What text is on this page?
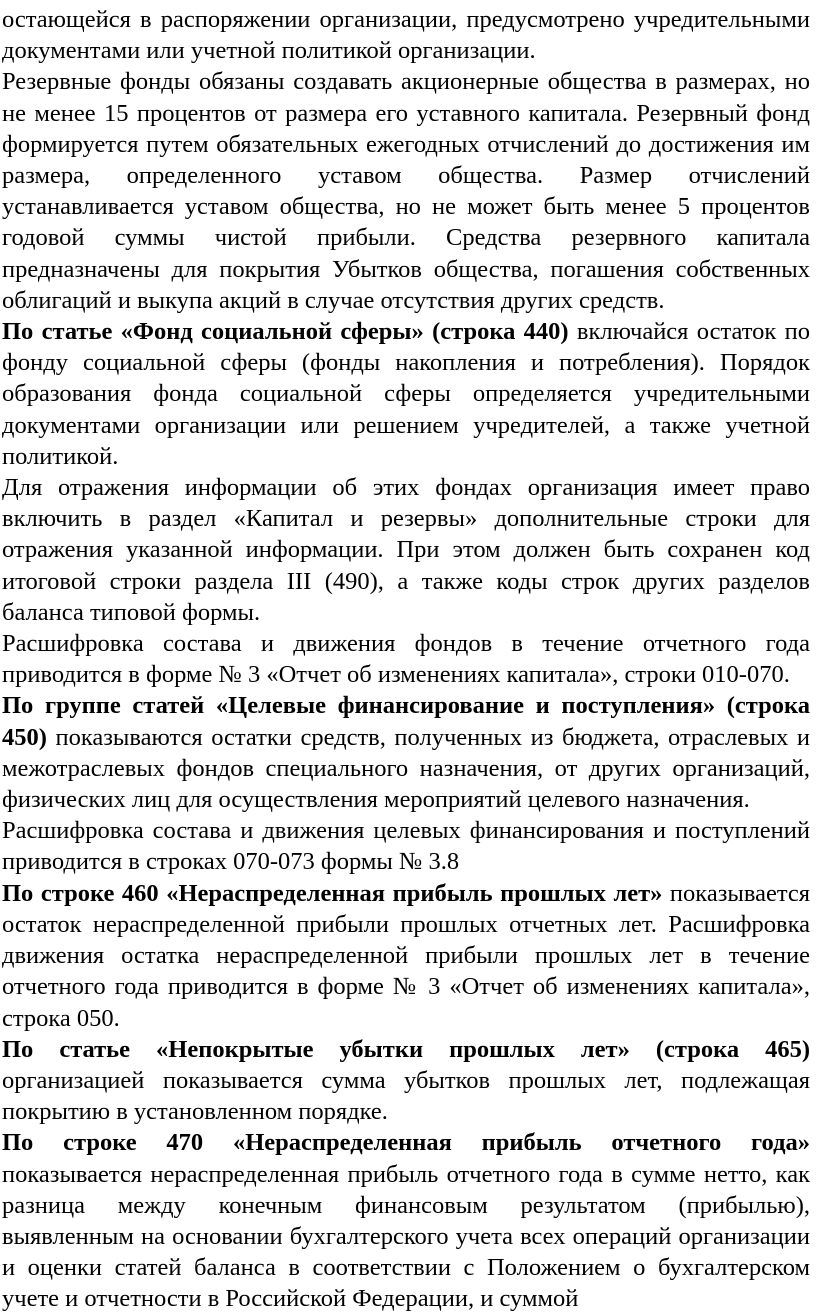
остающейся в распоряжении организации, предусмотрено учредительными документами или учетной политикой организации.

Резервные фонды обязаны создавать акционерные общества в размерах, но не менее 15 процентов от размера его уставного капитала. Резервный фонд формируется путем обязательных ежегодных отчислений до достижения им размера, определенного уставом общества. Размер отчислений устанавливается уставом общества, но не может быть менее 5 процентов годовой суммы чистой прибыли. Средства резервного капитала предназначены для покрытия Убытков общества, погашения собственных облигаций и выкупа акций в случае отсутствия других средств.

По статье «Фонд социальной сферы» (строка 440) включайся остаток по фонду социальной сферы (фонды накопления и потребления). Порядок образования фонда социальной сферы определяется учредительными документами организации или решением учредителей, а также учетной политикой.

Для отражения информации об этих фондах организация имеет право включить в раздел «Капитал и резервы» дополнительные строки для отражения указанной информации. При этом должен быть сохранен код итоговой строки раздела III (490), а также коды строк других разделов баланса типовой формы.

Расшифровка состава и движения фондов в течение отчетного года приводится в форме № 3 «Отчет об изменениях капитала», строки 010-070.

По группе статей «Целевые финансирование и поступления» (строка 450) показываются остатки средств, полученных из бюджета, отраслевых и межотраслевых фондов специального назначения, от других организаций, физических лиц для осуществления мероприятий целевого назначения.

Расшифровка состава и движения целевых финансирования и поступлений приводится в строках 070-073 формы № 3.8

По строке 460 «Нераспределенная прибыль прошлых лет» показывается остаток нераспределенной прибыли прошлых отчетных лет. Расшифровка движения остатка нераспределенной прибыли прошлых лет в течение отчетного года приводится в форме № 3 «Отчет об изменениях капитала», строка 050.

По статье «Непокрытые убытки прошлых лет» (строка 465) организацией показывается сумма убытков прошлых лет, подлежащая покрытию в установленном порядке.

По строке 470 «Нераспределенная прибыль отчетного года» показывается нераспределенная прибыль отчетного года в сумме нетто, как разница между конечным финансовым результатом (прибылью), выявленным на основании бухгалтерского учета всех операций организации и оценки статей баланса в соответствии с Положением о бухгалтерском учете и отчетности в Российской Федерации, и суммой
